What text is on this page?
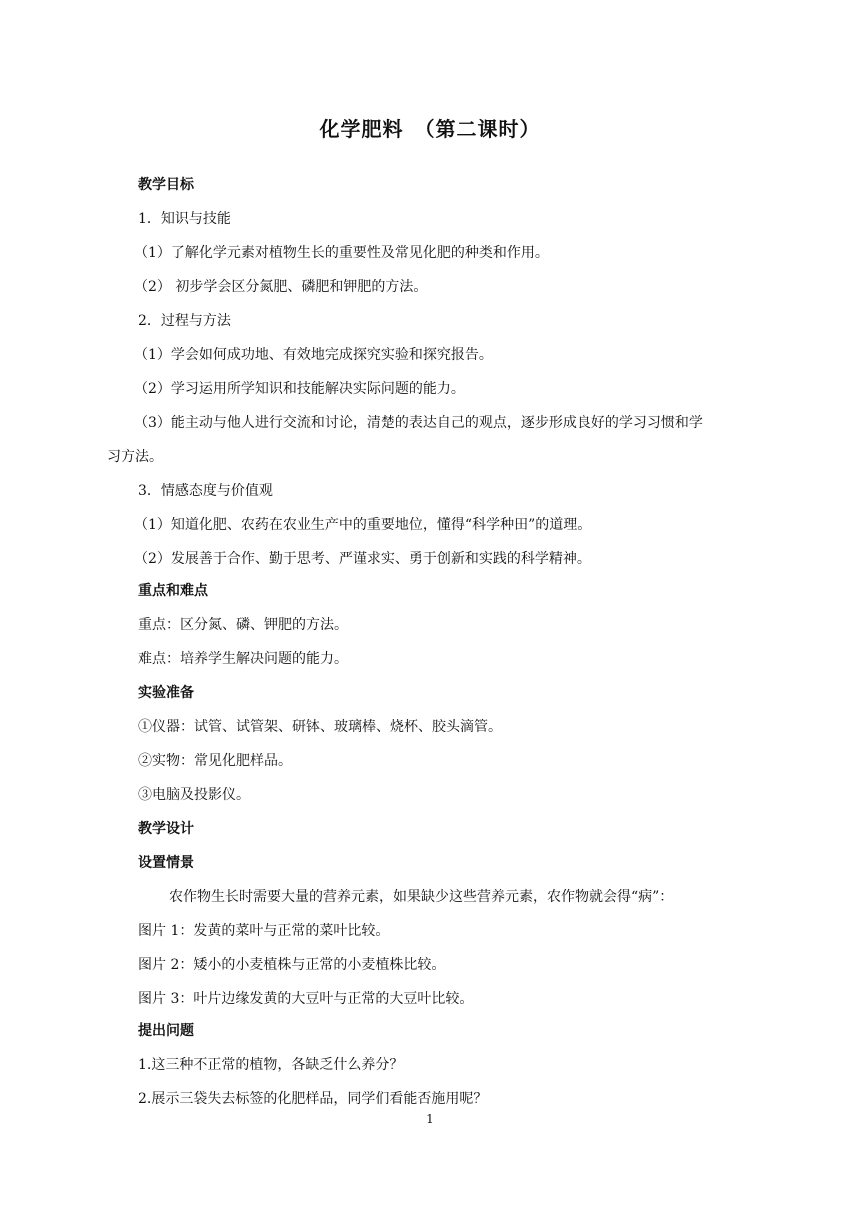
化学肥料　（第二课时）
教学目标
1．知识与技能
（1）了解化学元素对植物生长的重要性及常见化肥的种类和作用。
（2） 初步学会区分氮肥、磷肥和钾肥的方法。
2．过程与方法
（1）学会如何成功地、有效地完成探究实验和探究报告。
（2）学习运用所学知识和技能解决实际问题的能力。
（3）能主动与他人进行交流和讨论，清楚的表达自己的观点，逐步形成良好的学习习惯和学
习方法。
3．情感态度与价值观
（1）知道化肥、农药在农业生产中的重要地位，懂得“科学种田”的道理。
（2）发展善于合作、勤于思考、严谨求实、勇于创新和实践的科学精神。
重点和难点
重点：区分氮、磷、钾肥的方法。
难点：培养学生解决问题的能力。
实验准备
①仪器：试管、试管架、研钵、玻璃棒、烧杯、胶头滴管。
②实物：常见化肥样品。
③电脑及投影仪。
教学设计
设置情景
农作物生长时需要大量的营养元素，如果缺少这些营养元素，农作物就会得“病”：
图片 1：发黄的菜叶与正常的菜叶比较。
图片 2：矮小的小麦植株与正常的小麦植株比较。
图片 3：叶片边缘发黄的大豆叶与正常的大豆叶比较。
提出问题
1.这三种不正常的植物，各缺乏什么养分？
2.展示三袋失去标签的化肥样品，同学们看能否施用呢？
1
